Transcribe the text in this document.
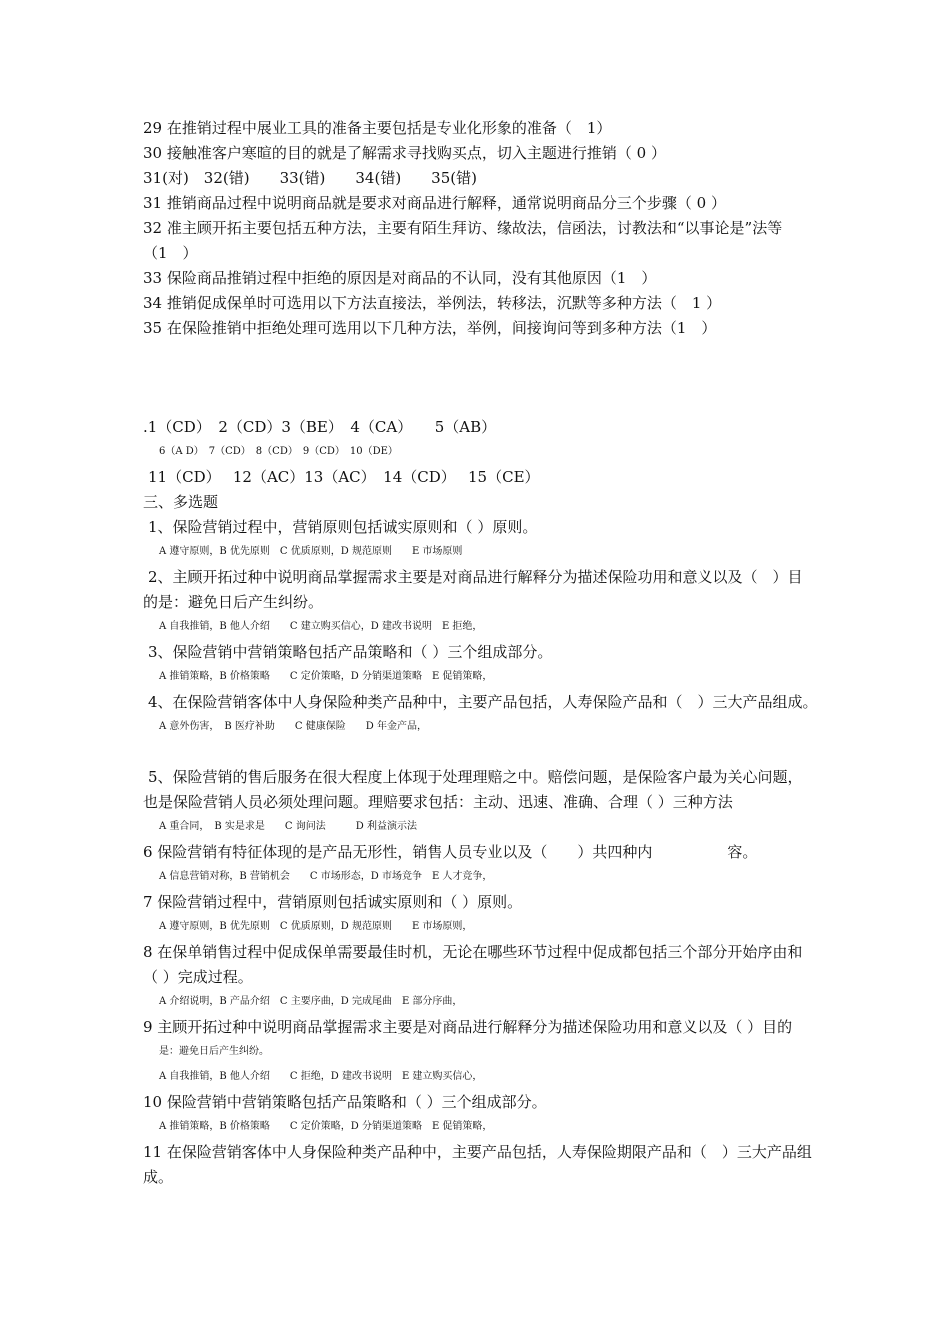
29 在推销过程中展业工具的准备主要包括是专业化形象的准备（　1）
30 接触准客户寒暄的目的就是了解需求寻找购买点，切入主题进行推销（ 0 ）
31(对)　32(错)　　33(错)　　34(错)　　35(错)
31 推销商品过程中说明商品就是要求对商品进行解释，通常说明商品分三个步骤（ 0 ）
32 准主顾开拓主要包括五种方法，主要有陌生拜访、缘故法，信函法，讨教法和“以事论是”法等
（1　）
33 保险商品推销过程中拒绝的原因是对商品的不认同，没有其他原因（1　）
34 推销促成保单时可选用以下方法直接法，举例法，转移法，沉默等多种方法（　1 ）
35 在保险推销中拒绝处理可选用以下几种方法，举例，间接询问等到多种方法（1　）
.1（CD）　2（CD）3（BE）　4（CA）　　5（AB）
6（A D）　7（CD）　8（CD）　9（CD）　10（DE）
11（CD）　 12（AC）13（AC）　14（CD）　 15（CE）
三、多选题
1、保险营销过程中，营销原则包括诚实原则和（ ）原则。
A 遵守原则，B 优先原则　C 优质原则，D 规范原则　　E 市场原则
2、主顾开拓过种中说明商品掌握需求主要是对商品进行解释分为描述保险功用和意义以及（　）目
的是：避免日后产生纠纷。
A 自我推销，B 他人介绍　　C 建立购买信心，D 建改书说明　E 拒绝，
3、保险营销中营销策略包括产品策略和（ ）三个组成部分。
A 推销策略，B 价格策略　　C 定价策略，D 分销渠道策略　E 促销策略，
4、在保险营销客体中人身保险种类产品种中，主要产品包括，人寿保险产品和（　）三大产品组成。
A 意外伤害，　B 医疗补助　　C 健康保险　　D 年金产品，
5、保险营销的售后服务在很大程度上体现于处理理赔之中。赔偿问题，是保险客户最为关心问题，
也是保险营销人员必须处理问题。理赔要求包括：主动、迅速、准确、合理（ ）三种方法
A 重合同，　B 实是求是　　C 询问法　　　D 利益演示法
6 保险营销有特征体现的是产品无形性，销售人员专业以及（　　）共四种内　　　　　容。
A 信息营销对称，B 营销机会　　C 市场形态，D 市场竞争　E 人才竞争，
7 保险营销过程中，营销原则包括诚实原则和（ ）原则。
A 遵守原则，B 优先原则　C 优质原则，D 规范原则　　E 市场原则，
8 在保单销售过程中促成保单需要最佳时机，无论在哪些环节过程中促成都包括三个部分开始序由和
（ ）完成过程。
A 介绍说明，B 产品介绍　C 主要序曲，D 完成尾曲　E 部分序曲，
9 主顾开拓过种中说明商品掌握需求主要是对商品进行解释分为描述保险功用和意义以及（ ）目的
是：避免日后产生纠纷。
A 自我推销，B 他人介绍　　C 拒绝，D 建改书说明　E 建立购买信心，
10 保险营销中营销策略包括产品策略和（ ）三个组成部分。
A 推销策略，B 价格策略　　C 定价策略，D 分销渠道策略　E 促销策略，
11 在保险营销客体中人身保险种类产品种中，主要产品包括，人寿保险期限产品和（　）三大产品组
成。
